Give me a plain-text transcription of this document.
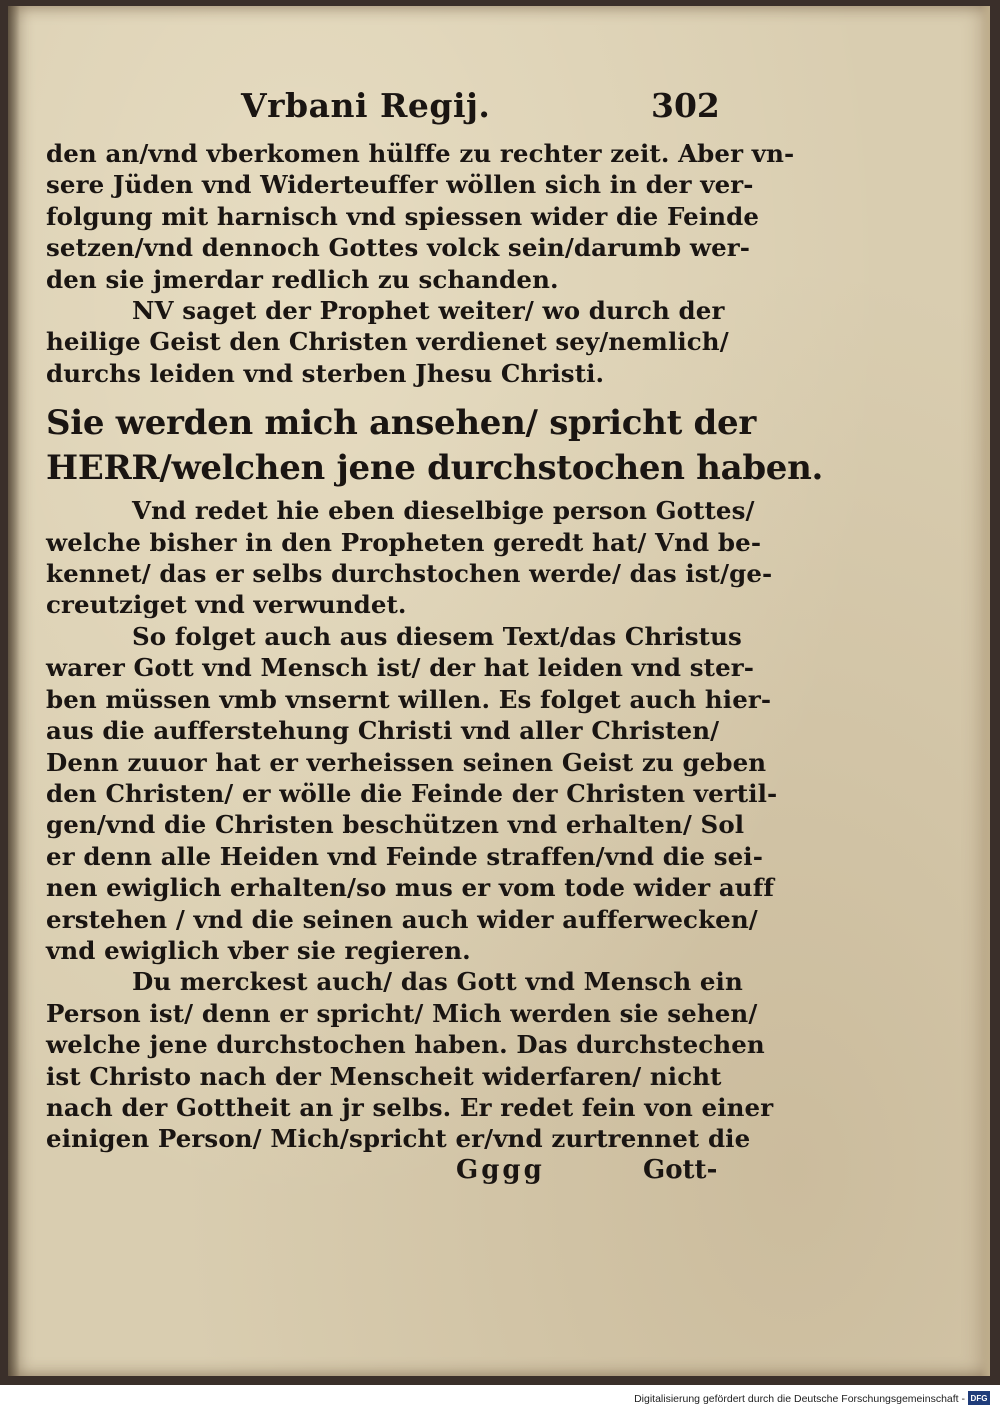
Vrbani Regij.	302
den an/vnd vberkomen hülffe zu rechter zeit. Aber vn-
sere Jüden vnd Widerteuffer wöllen sich in der ver-
folgung mit harnisch vnd spiessen wider die Feinde
setzen/vnd dennoch Gottes volck sein/darumb wer-
den sie jmerdar redlich zu schanden.
NV saget der Prophet weiter/ wo durch der
heilige Geist den Christen verdienet sey/nemlich/
durchs leiden vnd sterben Jhesu Christi.
Sie werden mich ansehen/ spricht der
HERR/welchen jene durchstochen haben.
Vnd redet hie eben dieselbige person Gottes/
welche bisher in den Propheten geredt hat/ Vnd be-
kennet/ das er selbs durchstochen werde/ das ist/ge-
creutziget vnd verwundet.
So folget auch aus diesem Text/das Christus
warer Gott vnd Mensch ist/ der hat leiden vnd ster-
ben müssen vmb vnsernt willen. Es folget auch hier-
aus die aufferstehung Christi vnd aller Christen/
Denn zuuor hat er verheissen seinen Geist zu geben
den Christen/ er wölle die Feinde der Christen vertil-
gen/vnd die Christen beschützen vnd erhalten/ Sol
er denn alle Heiden vnd Feinde straffen/vnd die sei-
nen ewiglich erhalten/so mus er vom tode wider auff
erstehen / vnd die seinen auch wider aufferwecken/
vnd ewiglich vber sie regieren.
Du merckest auch/ das Gott vnd Mensch ein
Person ist/ denn er spricht/ Mich werden sie sehen/
welche jene durchstochen haben. Das durchstechen
ist Christo nach der Menscheit widerfaren/ nicht
nach der Gottheit an jr selbs. Er redet fein von einer
einigen Person/ Mich/spricht er/vnd zurtrennet die
Gggg	Gott-
Digitalisierung gefördert durch die Deutsche Forschungsgemeinschaft - DFG
